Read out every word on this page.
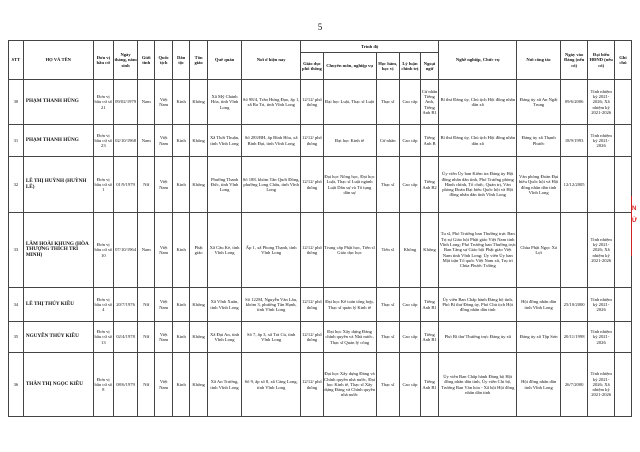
5
STT	HỌ VÀ TÊN	Đơn vị bầu cử	Ngày tháng, năm sinh	Giới tính	Quốc tịch	Dân tộc	Tôn giáo	Quê quán	Nơi ở hiện nay	Trình độ					Nghề nghiệp, Chức vụ	Nơi công tác	Ngày vào Đảng (nếu có)	Đại biểu HĐND (nếu có)	Ghi chú
										Giáo dục phổ thông	Chuyên môn, nghiệp vụ	Học hàm, học vị	Lý luận chính trị	Ngoại ngữ					
30	PHẠM THANH HÙNG	Đơn vị bầu cử số 21	09/02/1979	Nam	Việt Nam	Kinh	Không	Xã Mỹ Chánh Hòa, tỉnh Vĩnh Long	Số 98/4, Trần Hưng Đạo, ấp 1, xã Ba Tri, tỉnh Vĩnh Long	12/12/ phổ thông	Đại học Luật, Thạc sĩ Luật	Thạc sĩ	Cao cấp	Cử nhân Tiếng Anh, Tiếng Anh B1	Bí thư Đảng ủy, Chủ tịch Hội đồng nhân dân xã	Đảng ủy xã An Ngãi Trung	09/6/2006	Tỉnh nhiệm kỳ 2021-2026; Xã nhiệm kỳ 2021-2026	
31	PHẠM THANH HÙNG	Đơn vị bầu cử số 23	02/10/1968	Nam	Việt Nam	Kinh	Không	Xã Thới Thuận, tỉnh Vĩnh Long	Số 283/BH, ấp Bình Hòa, xã Bình Đại, tỉnh Vĩnh Long	12/12/ phổ thông	Đại học Kinh tế	Cử nhân	Cao cấp	Tiếng Anh B	Bí thư Đảng ủy, Chủ tịch Hội đồng nhân dân xã	Đảng ủy xã Thạnh Phước	18/9/1993	Tỉnh nhiệm kỳ 2021-2026	
32	LÊ THỊ HUỲNH (HUỲNH LÊ)	Đơn vị bầu cử số 1	01/9/1979	Nữ	Việt Nam	Kinh	Không	Phường Thanh Đức, tỉnh Vĩnh Long	Số 188, khóm Tân Quới Đông, phường Long Châu, tỉnh Vĩnh Long	12/12/ phổ thông	Đại học Nông học, Đại học Luật, Thạc sĩ Luật ngành Luật Dân sự và Tố tụng dân sự	Thạc sĩ	Cao cấp	Tiếng Anh B2	Ủy viên Ủy ban Kiểm tra Đảng ủy Hội đồng nhân dân tỉnh, Phó Trưởng phòng Hành chính, Tổ chức, Quản trị, Văn phòng Đoàn Đại biểu Quốc hội và Hội đồng nhân dân tỉnh Vĩnh Long	Văn phòng Đoàn Đại biểu Quốc hội và Hội đồng nhân dân tỉnh Vĩnh Long	12/12/2005		
33	LÂM HOÀI KHUNG (HÒA THƯỢNG THÍCH TRÍ MINH)	Đơn vị bầu cử số 10	07/10/1964	Nam	Việt Nam	Kinh	Phật giáo	Xã Cầu Kè, tỉnh Vĩnh Long	Ấp 1, xã Phong Thạnh, tỉnh Vĩnh Long	12/12/ phổ thông	Trung cấp Phật học, Tiến sĩ Giáo dục học	Tiến sĩ	Không	Không	Tu sĩ, Phó Trưởng ban Thường trực Ban Trị sự Giáo hội Phật giáo Việt Nam tỉnh Vĩnh Long; Phó Trưởng ban Thường trực Ban Tăng sự Giáo hội Phật giáo Việt Nam tỉnh Vĩnh Long; Ủy viên Ủy ban Mặt trận Tổ quốc Việt Nam xã, Trụ trì Chùa Phước Tường	Chùa Phật Ngọc Xá Lợi		Tỉnh nhiệm kỳ 2021-2026; Xã nhiệm kỳ 2021-2026	
34	LÊ THỊ THÚY KIỀU	Đơn vị bầu cử số 4	20/7/1976	Nữ	Việt Nam	Kinh	Không	Xã Vĩnh Xuân, tỉnh Vĩnh Long	Số 122M, Nguyễn Văn Lâu, khóm 3, phường Tân Hạnh, tỉnh Vĩnh Long	12/12/ phổ thông	Đại học Kế toán tổng hợp, Thạc sĩ quản lý Kinh tế	Thạc sĩ	Cao cấp	Tiếng Anh B1	Ủy viên Ban Chấp hành Đảng bộ tỉnh, Phó Bí thư Đảng ủy, Phó Chủ tịch Hội đồng nhân dân tỉnh	Hội đồng nhân dân tỉnh Vĩnh Long	25/10/2000	Tỉnh nhiệm kỳ 2021-2026	
35	NGUYỄN THỦY KIỀU	Đơn vị bầu cử số 13	02/4/1978	Nữ	Việt Nam	Kinh	Không	Xã Đại An, tỉnh Vĩnh Long	Số 7, ấp 3, xã Trà Cú, tỉnh Vĩnh Long	12/12/ phổ thông	Đại học Xây dựng Đảng chính quyền và Nhà nước, Thạc sĩ Quản lý công	Thạc sĩ	Cao cấp	Tiếng Anh B1	Phó Bí thư Thường trực Đảng ủy xã	Đảng ủy xã Tập Sơn	20/11/1998	Tỉnh nhiệm kỳ 2021-2026	
36	THÂN THỊ NGỌC KIỀU	Đơn vị bầu cử số 8	08/6/1979	Nữ	Việt Nam	Kinh	Không	Xã An Trường, tỉnh Vĩnh Long	Số 9, ấp số 8, xã Càng Long, tỉnh Vĩnh Long	12/12/ phổ thông	Đại học Xây dựng Đảng và Chính quyền nhà nước, Đại học Kinh tế, Thạc sĩ Xây dựng Đảng và Chính quyền nhà nước	Thạc sĩ	Cao cấp	Tiếng Anh B1	Ủy viên Ban Chấp hành Đảng bộ Hội đồng nhân dân tỉnh, Ủy viên Chi bộ, Trưởng Ban Văn hóa - Xã hội Hội đồng nhân dân tỉnh	Hội đồng nhân dân tỉnh Vĩnh Long	26/7/2000	Tỉnh nhiệm kỳ 2021-2026; Xã nhiệm kỳ 2021-2026	
N
Ứ
